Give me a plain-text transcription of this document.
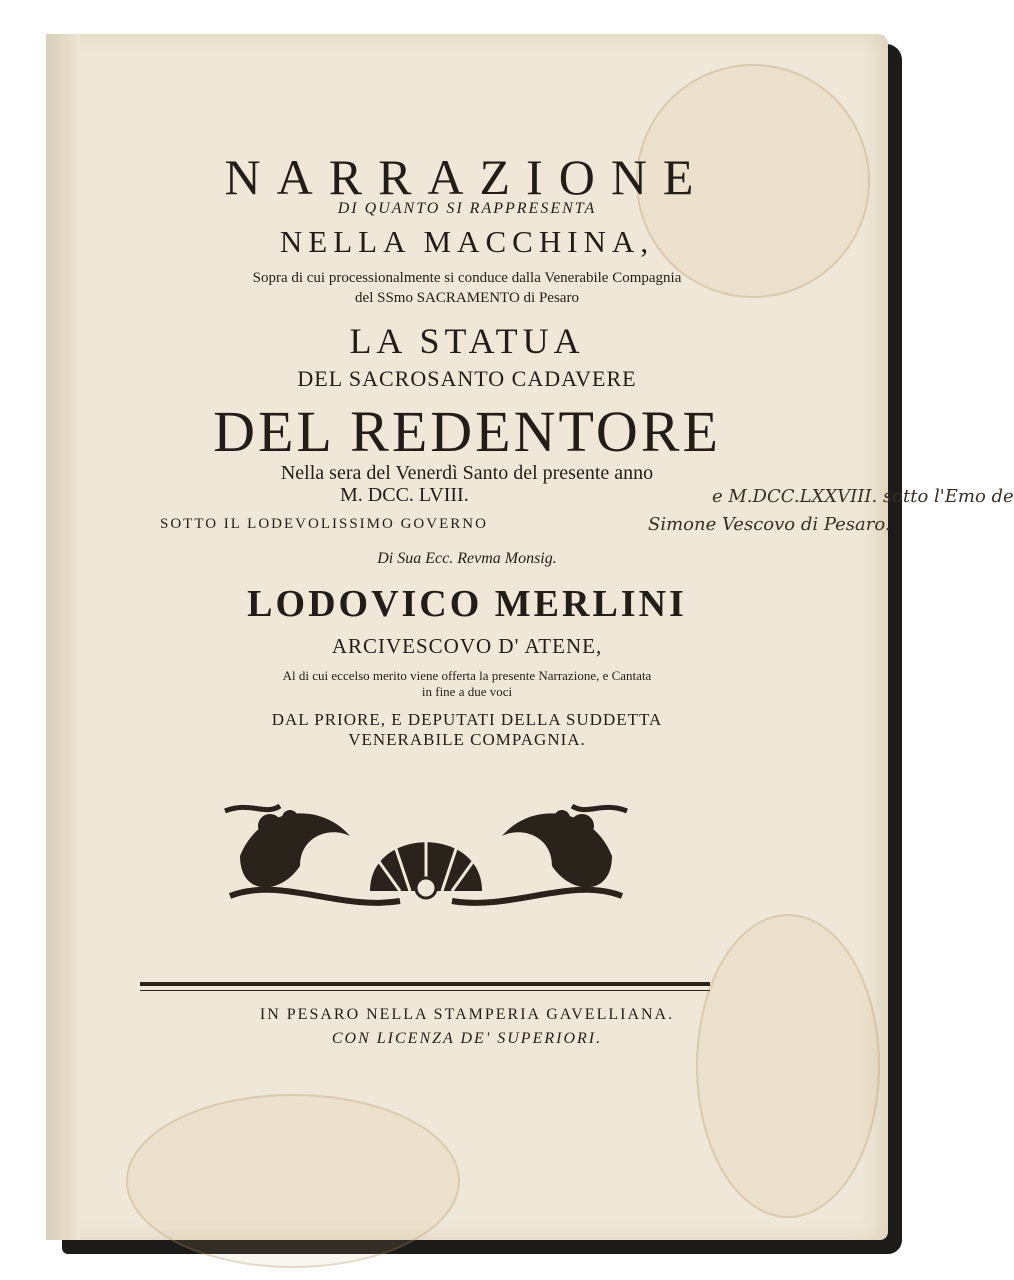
NARRAZIONE
DI QUANTO SI RAPPRESENTA
NELLA MACCHINA,
Sopra di cui processionalmente si conduce dalla Venerabile Compagnia
del SSmo SACRAMENTO di Pesaro
LA STATUA
DEL SACROSANTO CADAVERE
DEL REDENTORE
Nella sera del Venerdì Santo del presente anno
M. DCC. LVIII.	e M.DCC.LXXVIII. sotto l'Emo de
SOTTO IL LODEVOLISSIMO GOVERNO	Simone Vescovo di Pesaro.
Di Sua Ecc. Revma Monsig.
LODOVICO MERLINI
ARCIVESCOVO D' ATENE,
Al di cui eccelso merito viene offerta la presente Narrazione, e Cantata
in fine a due voci
DAL PRIORE, E DEPUTATI DELLA SUDDETTA
VENERABILE COMPAGNIA.
IN PESARO NELLA STAMPERIA GAVELLIANA.
CON LICENZA DE' SUPERIORI.
